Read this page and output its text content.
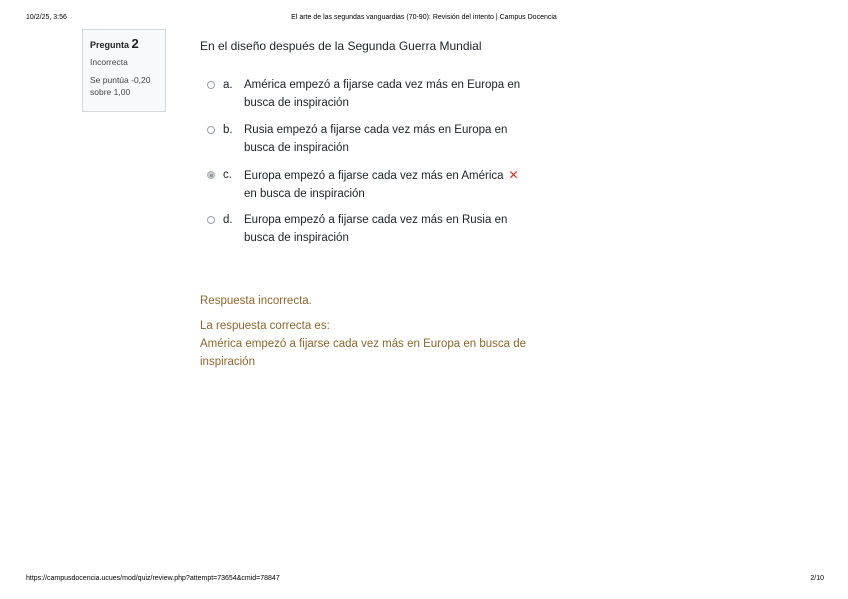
10/2/25, 3:56	El arte de las segundas vanguardias (70-90): Revisión del intento | Campus Docencia
Pregunta 2
Incorrecta
Se puntúa -0,20
sobre 1,00
En el diseño después de la Segunda Guerra Mundial
a. América empezó a fijarse cada vez más en Europa en
busca de inspiración
b. Rusia empezó a fijarse cada vez más en Europa en
busca de inspiración
c. Europa empezó a fijarse cada vez más en América ✕
en busca de inspiración
d. Europa empezó a fijarse cada vez más en Rusia en
busca de inspiración
Respuesta incorrecta.
La respuesta correcta es:
América empezó a fijarse cada vez más en Europa en busca de
inspiración
https://campusdocencia.ucues/mod/quiz/review.php?attempt=73654&cmid=78847	2/10
